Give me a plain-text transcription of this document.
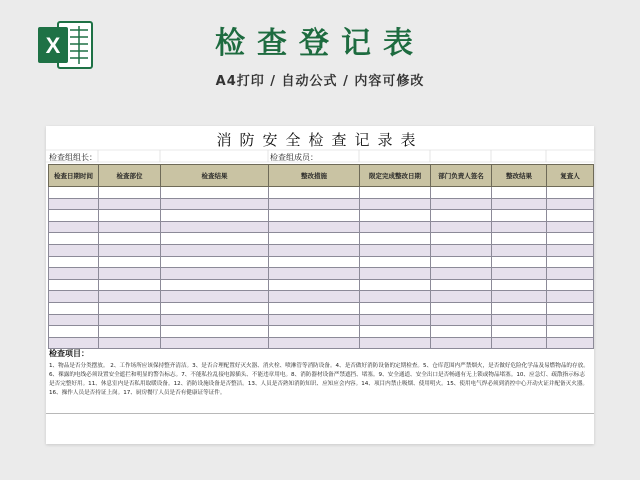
X	检查登记表
A4打印 / 自动公式 / 内容可修改
消防安全检查记录表
检查组组长：	检查组成员：
检查日期时间	检查部位	检查结果	整改措施	限定完成整改日期	部门负责人签名	整改结果	复查人

检查项目：
1、物品是否分类摆放。 2、工作场所应该保持整齐清洁。3、是否合理配置好灭火器、消火栓、喷淋管等消防设备。4、是否做好消防设备的定期检查。5、仓库范围内严禁烟火，是否做好危险化学品及易燃物品的存放。6、裸露的电线必须设置安全遮拦和明显的警告标志。7、不能私拉乱接电源插头、不能违章用电。8、消防器材设备严禁遮挡、堵塞。9、安全通道、安全出口是否畅通有无上锁或物品堵塞。10、应急灯、疏散指示标志是否完整好用。11、休息室内是否私用取暖设备。12、消防设施设备是否整洁。13、人员是否熟知消防知识、应知应会内容。14、项目内禁止吸烟、使用明火。15、使用电气焊必须到消控中心开动火证并配备灭火器。16、操作人员是否持证上岗。17、厨房餐厅人员是否有健康证等证件。
